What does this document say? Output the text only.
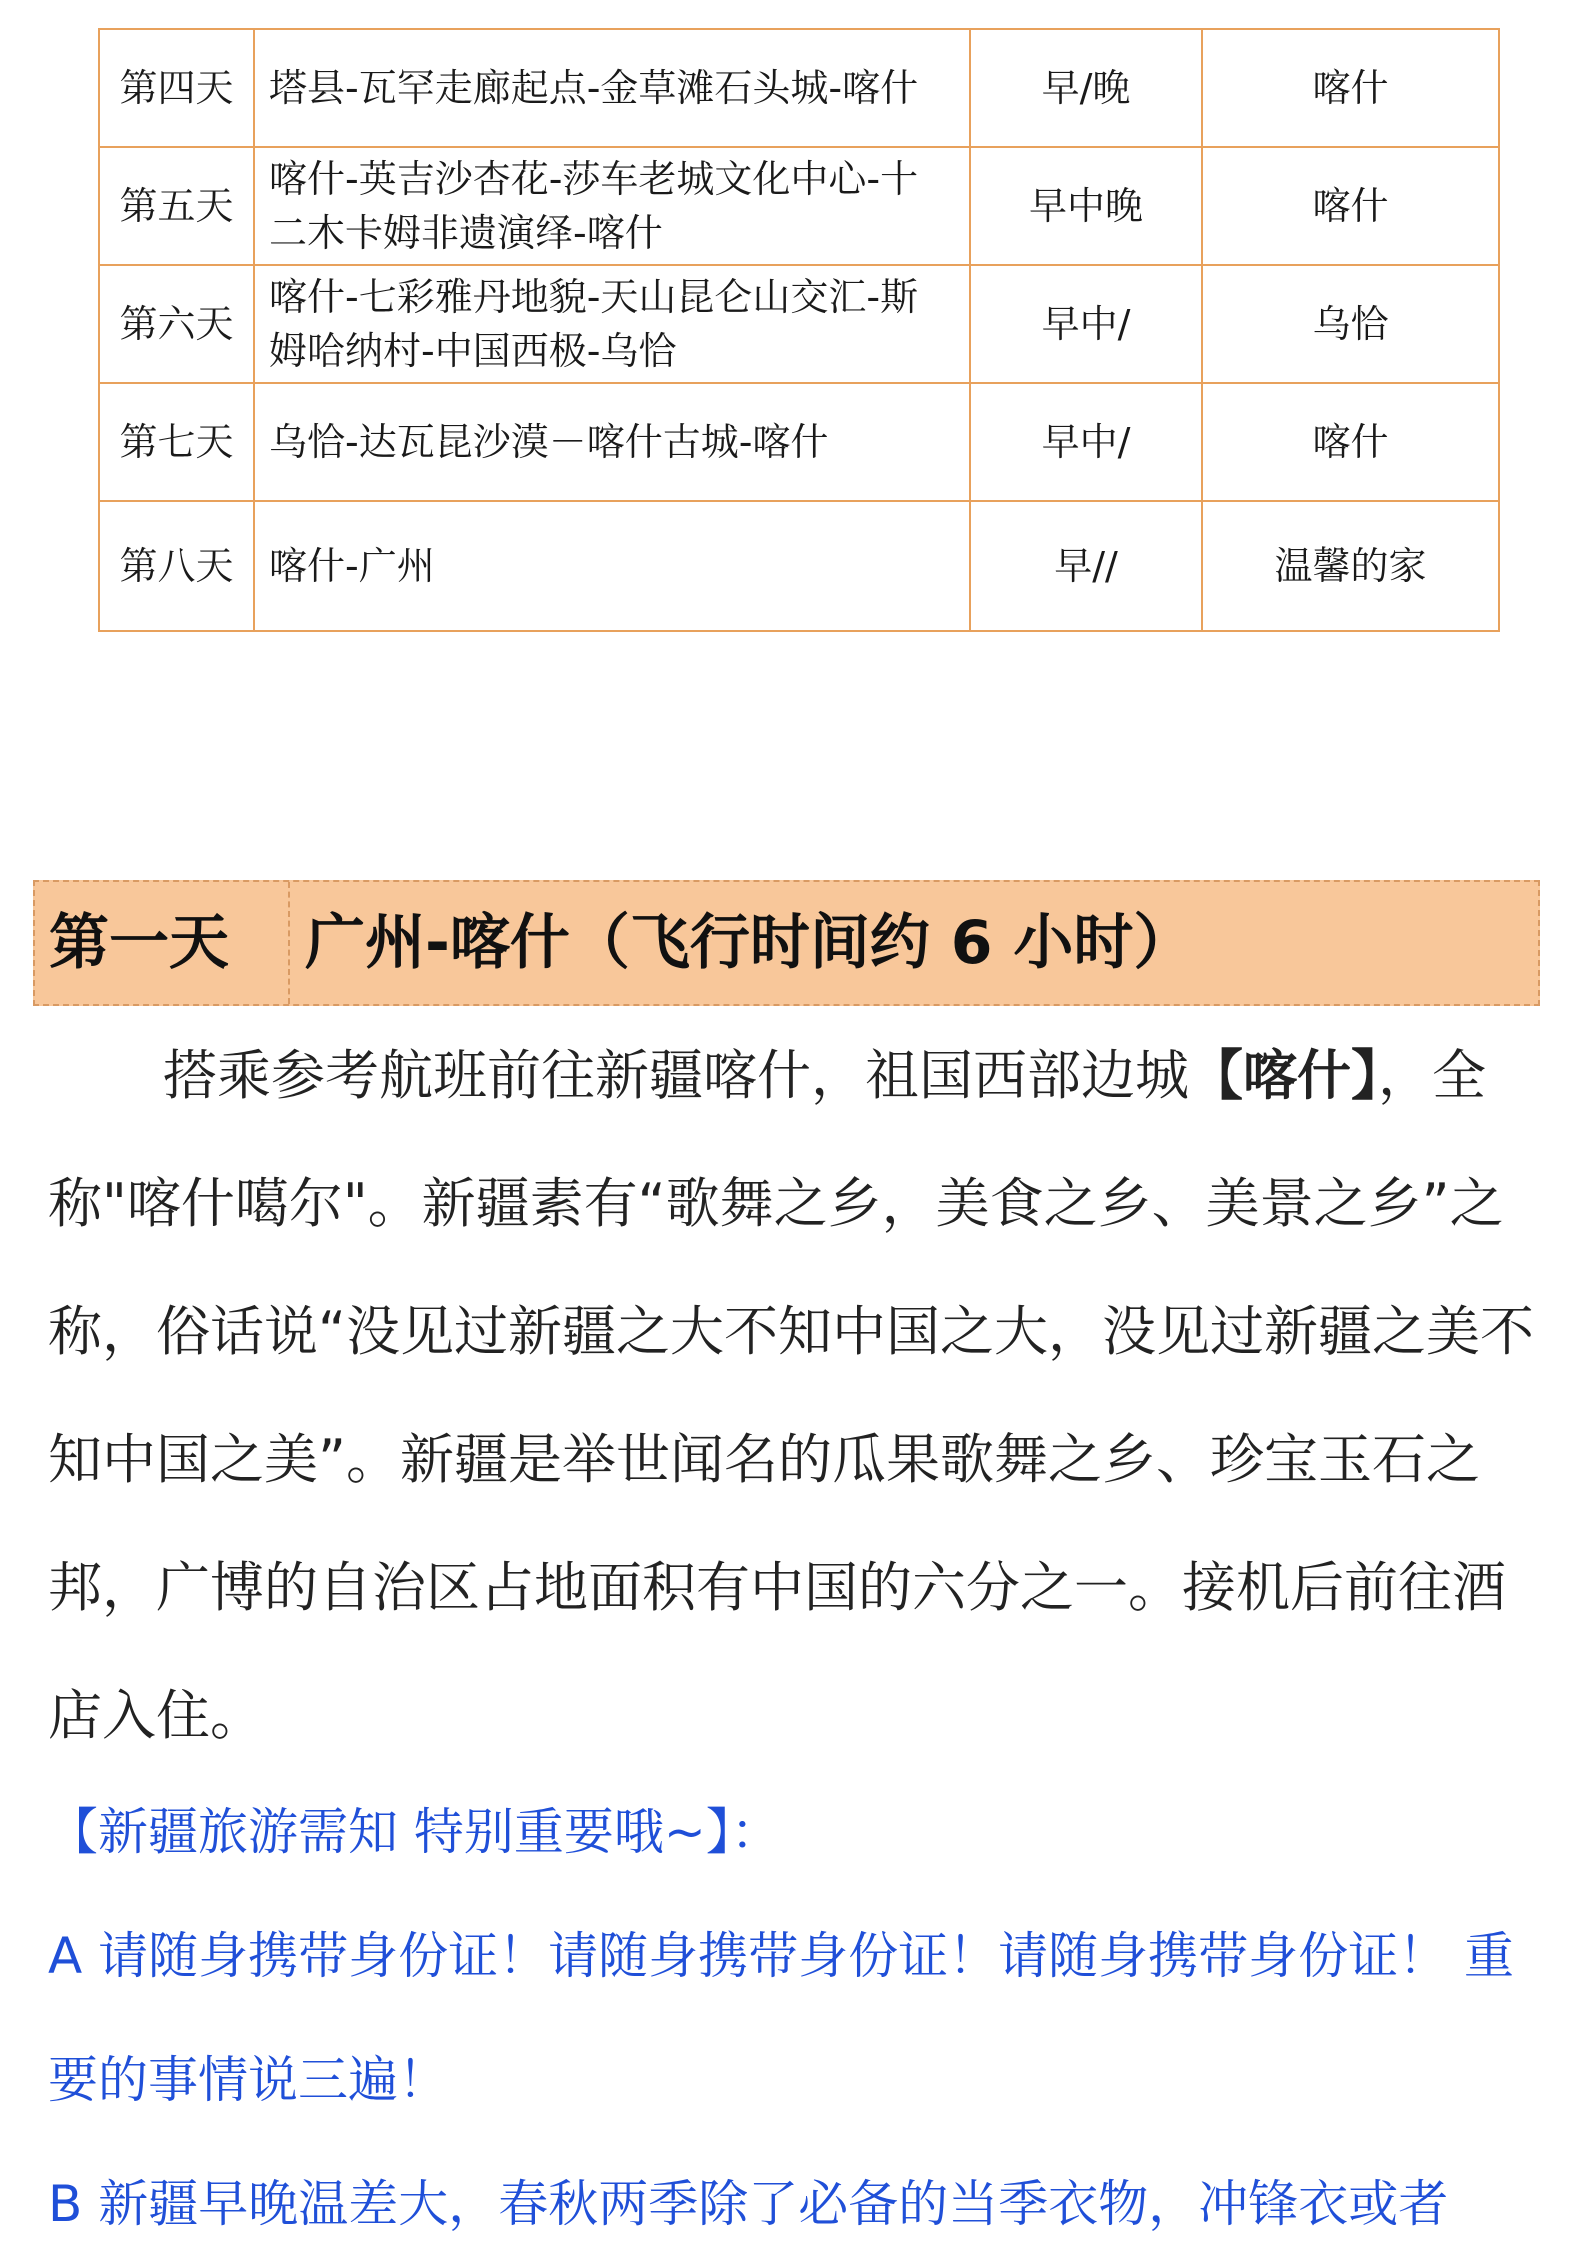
第四天	塔县-瓦罕走廊起点-金草滩石头城-喀什	早/晚	喀什
第五天	喀什-英吉沙杏花-莎车老城文化中心-十二木卡姆非遗演绎-喀什	早中晚	喀什
第六天	喀什-七彩雅丹地貌-天山昆仑山交汇-斯姆哈纳村-中国西极-乌恰	早中/	乌恰
第七天	乌恰-达瓦昆沙漠－喀什古城-喀什	早中/	喀什
第八天	喀什-广州	早//	温馨的家
第一天 广州-喀什（飞行时间约 6 小时）

搭乘参考航班前往新疆喀什，祖国西部边城【喀什】，全称"喀什噶尔"。新疆素有“歌舞之乡，美食之乡、美景之乡”之称，俗话说“没见过新疆之大不知中国之大，没见过新疆之美不知中国之美”。新疆是举世闻名的瓜果歌舞之乡、珍宝玉石之邦，广博的自治区占地面积有中国的六分之一。接机后前往酒店入住。

【新疆旅游需知 特别重要哦~】：

A 请随身携带身份证！请随身携带身份证！请随身携带身份证！ 重要的事情说三遍！

B 新疆早晚温差大，春秋两季除了必备的当季衣物，冲锋衣或者
